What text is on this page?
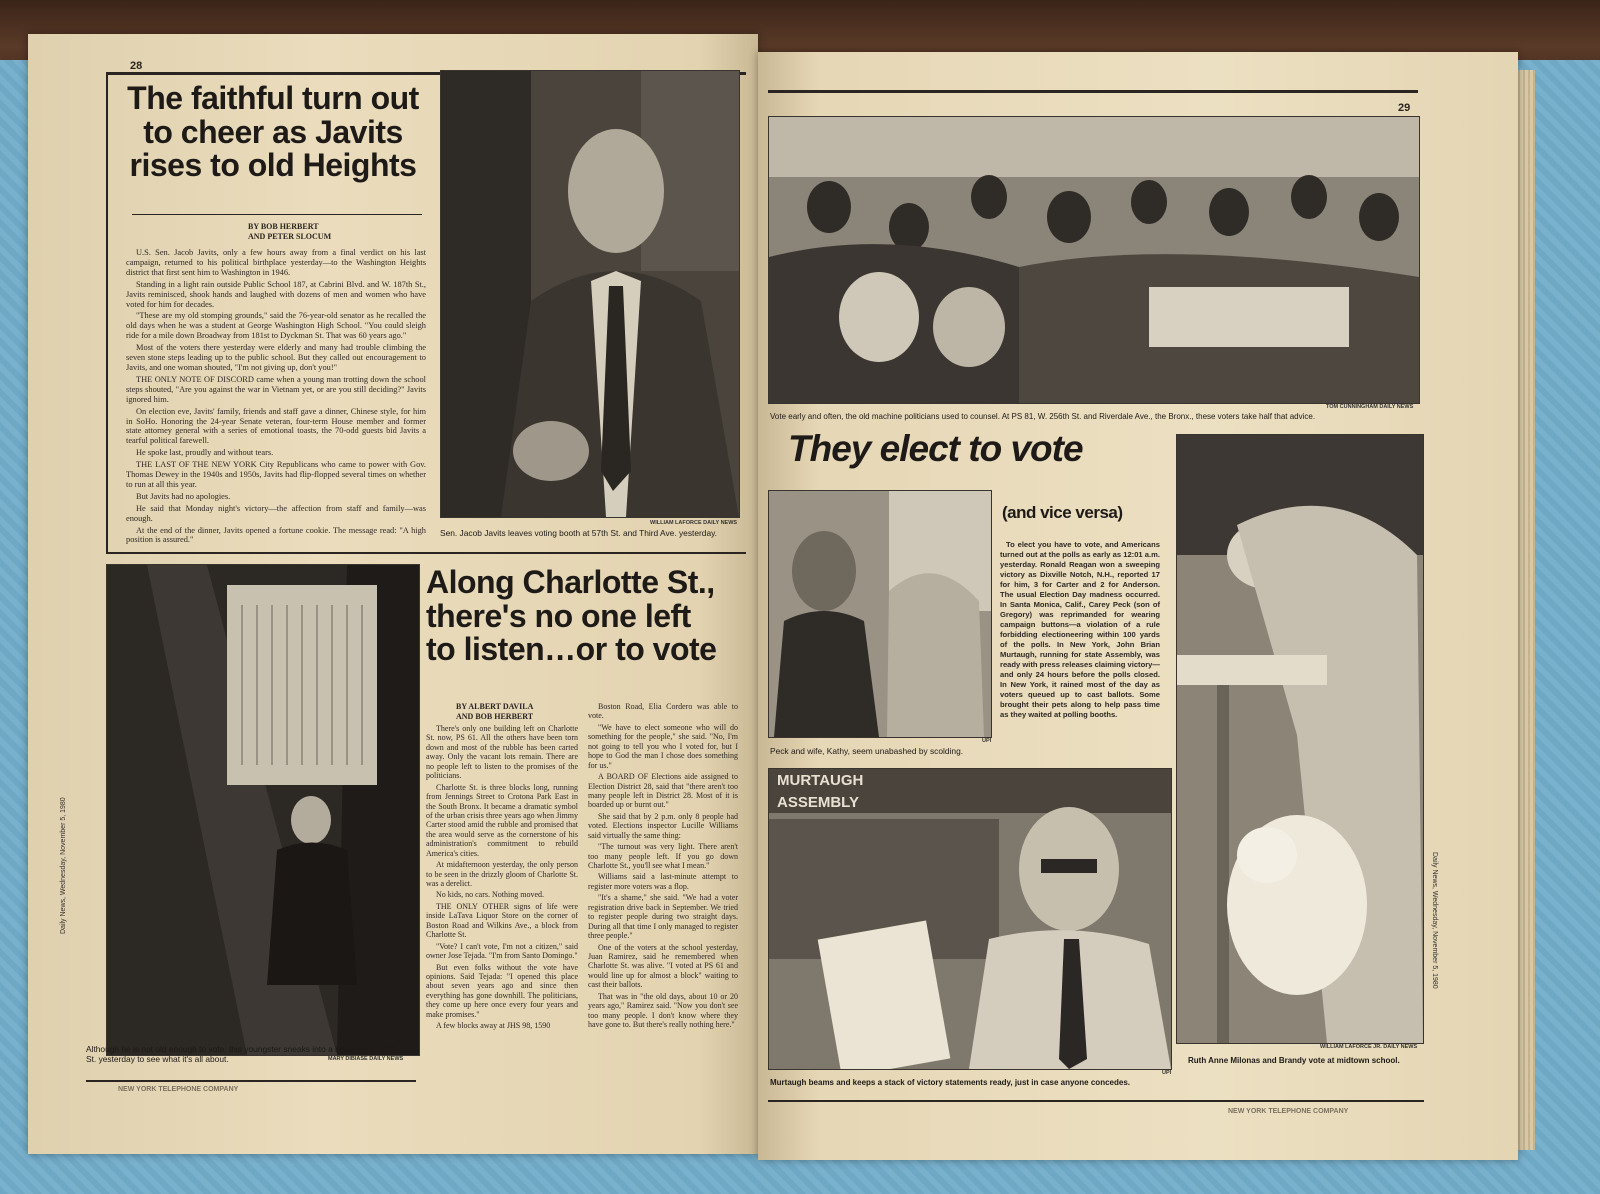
28
The faithful turn out
to cheer as Javits
rises to old Heights
BY BOB HERBERT
AND PETER SLOCUM

U.S. Sen. Jacob Javits, only a few hours away from a final verdict on his last campaign, returned to his political birthplace yesterday—to the Washington Heights district that first sent him to Washington in 1946.

Standing in a light rain outside Public School 187, at Cabrini Blvd. and W. 187th St., Javits reminisced, shook hands and laughed with dozens of men and women who have voted for him for decades.

"These are my old stomping grounds," said the 76-year-old senator as he recalled the old days when he was a student at George Washington High School. "You could sleigh ride for a mile down Broadway from 181st to Dyckman St. That was 60 years ago."

Most of the voters there yesterday were elderly and many had trouble climbing the seven stone steps leading up to the public school. But they called out encouragement to Javits, and one woman shouted, "I'm not giving up, don't you!"

THE ONLY NOTE OF DISCORD came when a young man trotting down the school steps shouted, "Are you against the war in Vietnam yet, or are you still deciding?" Javits ignored him.

On election eve, Javits' family, friends and staff gave a dinner, Chinese style, for him in SoHo. Honoring the 24-year Senate veteran, four-term House member and former state attorney general with a series of emotional toasts, the 70-odd guests bid Javits a tearful political farewell.

He spoke last, proudly and without tears.

THE LAST OF THE NEW YORK City Republicans who came to power with Gov. Thomas Dewey in the 1940s and 1950s, Javits had flip-flopped several times on whether to run at all this year.

But Javits had no apologies.

He said that Monday night's victory—the affection from staff and family—was enough.

At the end of the dinner, Javits opened a fortune cookie. The message read: "A high position is assured."

WILLIAM LAFORCE DAILY NEWS
Sen. Jacob Javits leaves voting booth at 57th St. and Third Ave. yesterday.
MARY DIBIASE DAILY NEWS
Although he is not old enough to vote, this youngster sneaks into a booth on E. 87th St. yesterday to see what it's all about.
Daily News, Wednesday, November 5, 1980
Along Charlotte St.,
there's no one left
to listen…or to vote
BY ALBERT DAVILA
AND BOB HERBERT

There's only one building left on Charlotte St. now, PS 61. All the others have been torn down and most of the rubble has been carted away. Only the vacant lots remain. There are no people left to listen to the promises of the politicians.

Charlotte St. is three blocks long, running from Jennings Street to Crotona Park East in the South Bronx. It became a dramatic symbol of the urban crisis three years ago when Jimmy Carter stood amid the rubble and promised that the area would serve as the cornerstone of his administration's commitment to rebuild America's cities.

At midafternoon yesterday, the only person to be seen in the drizzly gloom of Charlotte St. was a derelict.

No kids, no cars. Nothing moved.

THE ONLY OTHER signs of life were inside LaTava Liquor Store on the corner of Boston Road and Wilkins Ave., a block from Charlotte St.

"Vote? I can't vote, I'm not a citizen," said owner Jose Tejada. "I'm from Santo Domingo."

But even folks without the vote have opinions. Said Tejada: "I opened this place about seven years ago and since then everything has gone downhill. The politicians, they come up here once every four years and make promises."

A few blocks away at JHS 98, 1590

Boston Road, Elia Cordero was able to vote.

"We have to elect someone who will do something for the people," she said. "No, I'm not going to tell you who I voted for, but I hope to God the man I chose does something for us."

A BOARD OF Elections aide assigned to Election District 28, said that "there aren't too many people left in District 28. Most of it is boarded up or burnt out."

She said that by 2 p.m. only 8 people had voted. Elections inspector Lucille Williams said virtually the same thing:

"The turnout was very light. There aren't too many people left. If you go down Charlotte St., you'll see what I mean."

Williams said a last-minute attempt to register more voters was a flop.

"It's a shame," she said. "We had a voter registration drive back in September. We tried to register people during two straight days. During all that time I only managed to register three people."

One of the voters at the school yesterday, Juan Ramirez, said he remembered when Charlotte St. was alive. "I voted at PS 61 and would line up for almost a block" waiting to cast their ballots.

That was in "the old days, about 10 or 20 years ago," Ramirez said. "Now you don't see too many people. I don't know where they have gone to. But there's really nothing here."

NEW YORK TELEPHONE COMPANY
29
TOM CUNNINGHAM DAILY NEWS
Vote early and often, the old machine politicians used to counsel. At PS 81, W. 256th St. and Riverdale Ave., the Bronx., these voters take half that advice.
They elect to vote
UPI
Peck and wife, Kathy, seem unabashed by scolding.
(and vice versa)

To elect you have to vote, and Americans turned out at the polls as early as 12:01 a.m. yesterday. Ronald Reagan won a sweeping victory as Dixville Notch, N.H., reported 17 for him, 3 for Carter and 2 for Anderson. The usual Election Day madness occurred. In Santa Monica, Calif., Carey Peck (son of Gregory) was reprimanded for wearing campaign buttons—a violation of a rule forbidding electioneering within 100 yards of the polls. In New York, John Brian Murtaugh, running for state Assembly, was ready with press releases claiming victory—and only 24 hours before the polls closed. In New York, it rained most of the day as voters queued up to cast ballots. Some brought their pets along to help pass time as they waited at polling booths.

MURTAUGH
ASSEMBLY
UPI
Murtaugh beams and keeps a stack of victory statements ready, just in case anyone concedes.
WILLIAM LAFORCE JR. DAILY NEWS
Ruth Anne Milonas and Brandy vote at midtown school.
Daily News, Wednesday, November 5, 1980
NEW YORK TELEPHONE COMPANY
